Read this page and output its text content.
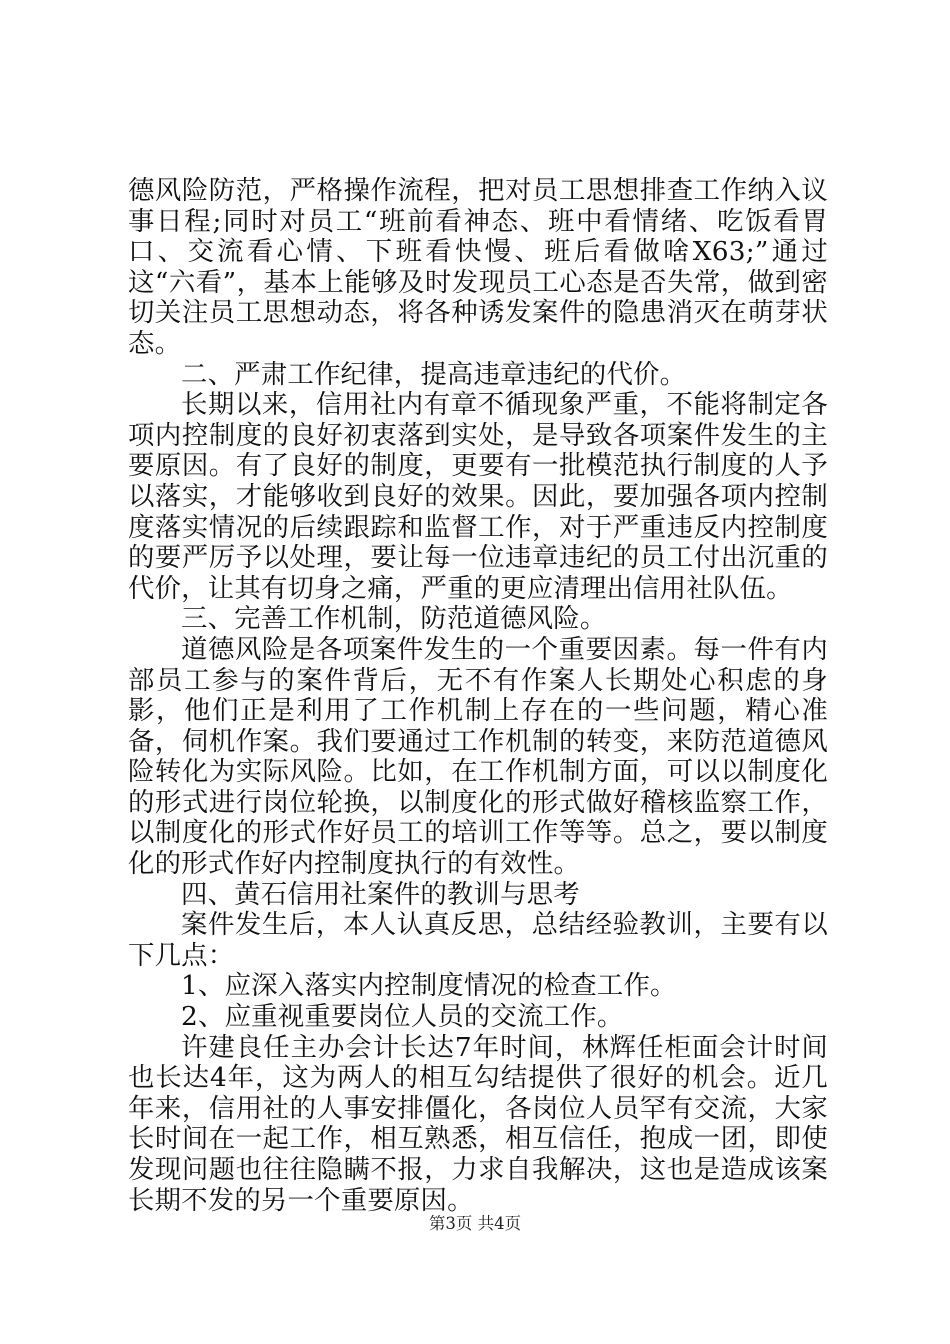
德风险防范，严格操作流程，把对员工思想排查工作纳入议事日程;同时对员工“班前看神态、班中看情绪、吃饭看胃口、交流看心情、下班看快慢、班后看做啥X63;”通过这“六看”，基本上能够及时发现员工心态是否失常，做到密切关注员工思想动态，将各种诱发案件的隐患消灭在萌芽状态。

二、严肃工作纪律，提高违章违纪的代价。

长期以来，信用社内有章不循现象严重，不能将制定各项内控制度的良好初衷落到实处，是导致各项案件发生的主要原因。有了良好的制度，更要有一批模范执行制度的人予以落实，才能够收到良好的效果。因此，要加强各项内控制度落实情况的后续跟踪和监督工作，对于严重违反内控制度的要严厉予以处理，要让每一位违章违纪的员工付出沉重的代价，让其有切身之痛，严重的更应清理出信用社队伍。

三、完善工作机制，防范道德风险。

道德风险是各项案件发生的一个重要因素。每一件有内部员工参与的案件背后，无不有作案人长期处心积虑的身影，他们正是利用了工作机制上存在的一些问题，精心准备，伺机作案。我们要通过工作机制的转变，来防范道德风险转化为实际风险。比如，在工作机制方面，可以以制度化的形式进行岗位轮换，以制度化的形式做好稽核监察工作，以制度化的形式作好员工的培训工作等等。总之，要以制度化的形式作好内控制度执行的有效性。

四、黄石信用社案件的教训与思考

案件发生后，本人认真反思，总结经验教训，主要有以下几点：

1、应深入落实内控制度情况的检查工作。

2、应重视重要岗位人员的交流工作。

许建良任主办会计长达7年时间，林辉任柜面会计时间也长达4年，这为两人的相互勾结提供了很好的机会。近几年来，信用社的人事安排僵化，各岗位人员罕有交流，大家长时间在一起工作，相互熟悉，相互信任，抱成一团，即使发现问题也往往隐瞒不报，力求自我解决，这也是造成该案长期不发的另一个重要原因。

第3页 共4页
